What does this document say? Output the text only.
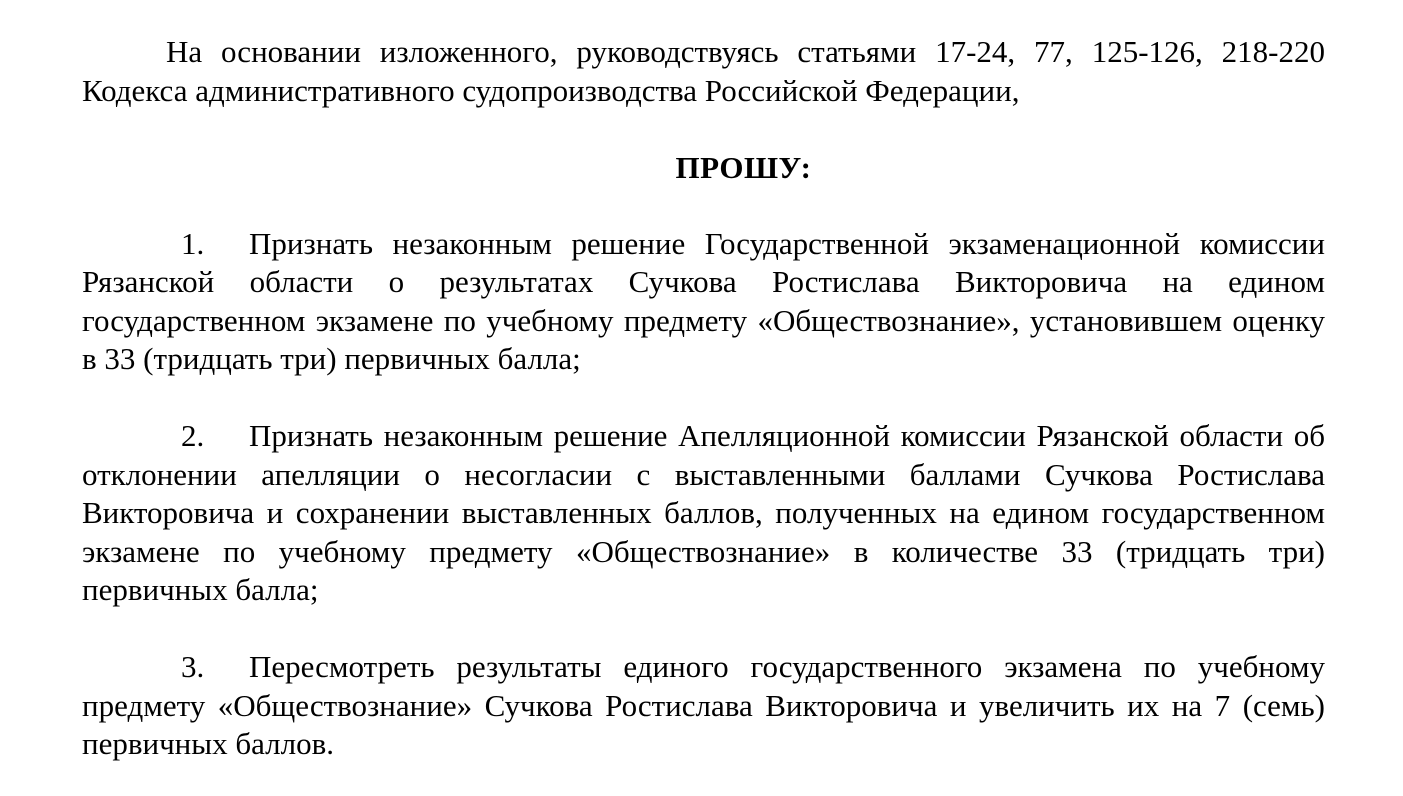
На основании изложенного, руководствуясь статьями 17-24, 77, 125-126, 218-220 Кодекса административного судопроизводства Российской Федерации,

ПРОШУ:

1. Признать незаконным решение Государственной экзаменационной комиссии Рязанской области о результатах Сучкова Ростислава Викторовича на едином государственном экзамене по учебному предмету «Обществознание», установившем оценку в 33 (тридцать три) первичных балла;

2. Признать незаконным решение Апелляционной комиссии Рязанской области об отклонении апелляции о несогласии с выставленными баллами Сучкова Ростислава Викторовича и сохранении выставленных баллов, полученных на едином государственном экзамене по учебному предмету «Обществознание» в количестве 33 (тридцать три) первичных балла;

3. Пересмотреть результаты единого государственного экзамена по учебному предмету «Обществознание» Сучкова Ростислава Викторовича и увеличить их на 7 (семь) первичных баллов.
